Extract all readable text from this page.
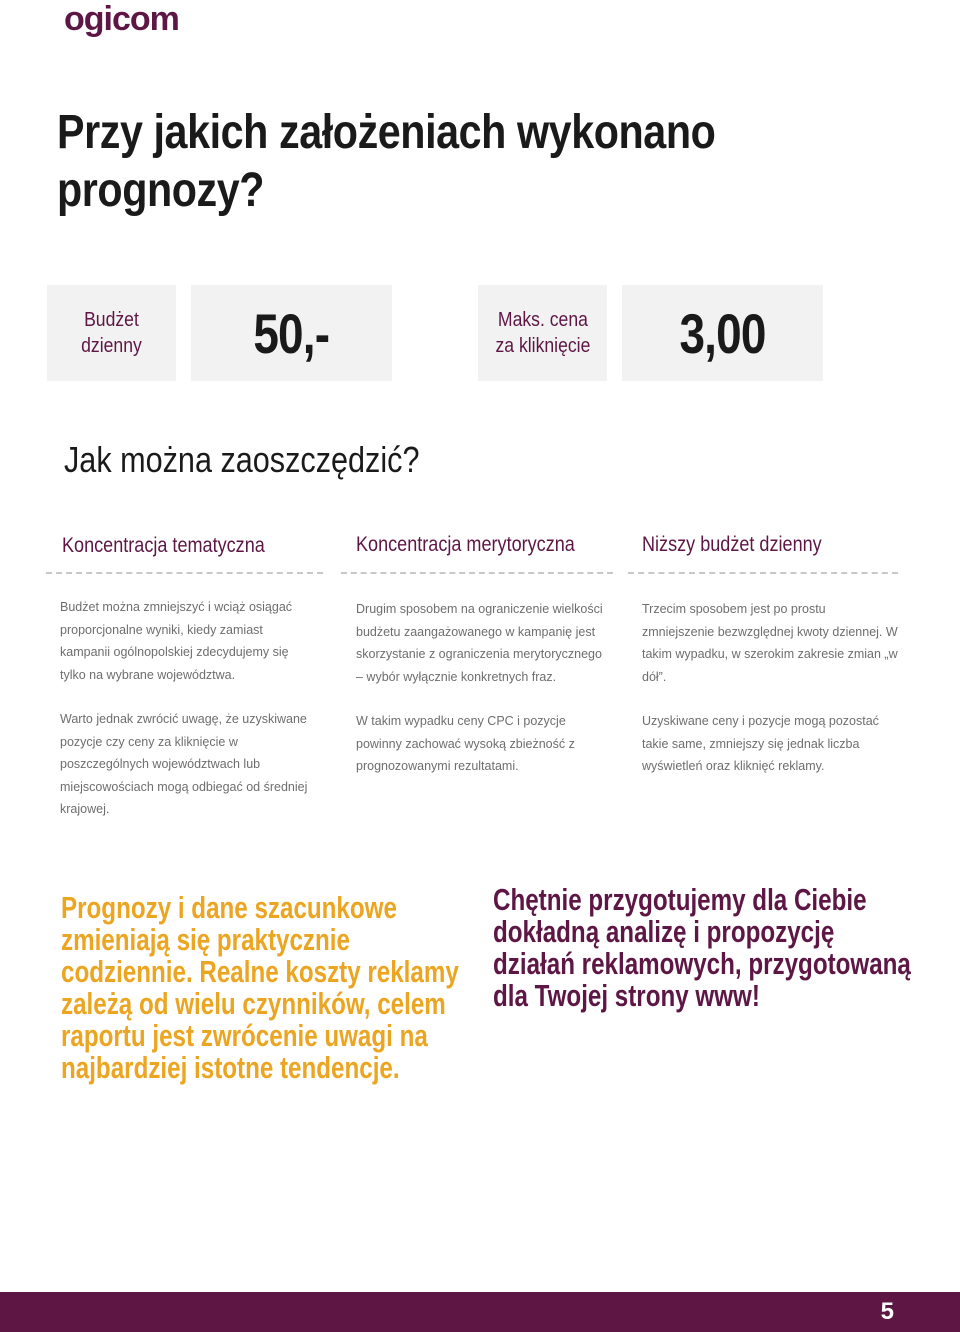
ogicom
Przy jakich założeniach wykonano
prognozy?
Budżet
dzienny 50,-	Maks. cena
za kliknięcie 3,00
Jak można zaoszczędzić?
Koncentracja tematyczna	Koncentracja merytoryczna	Niższy budżet dzienny
Budżet można zmniejszyć i wciąż osiągać proporcjonalne wyniki, kiedy zamiast kampanii ogólnopolskiej zdecydujemy się tylko na wybrane województwa.
Warto jednak zwrócić uwagę, że uzyskiwane pozycje czy ceny za kliknięcie w poszczególnych województwach lub miejscowościach mogą odbiegać od średniej krajowej.
Drugim sposobem na ograniczenie wielkości budżetu zaangażowanego w kampanię jest skorzystanie z ograniczenia merytorycznego – wybór wyłącznie konkretnych fraz.
W takim wypadku ceny CPC i pozycje powinny zachować wysoką zbieżność z prognozowanymi rezultatami.
Trzecim sposobem jest po prostu zmniejszenie bezwzględnej kwoty dziennej. W takim wypadku, w szerokim zakresie zmian „w dół”.
Uzyskiwane ceny i pozycje mogą pozostać takie same, zmniejszy się jednak liczba wyświetleń oraz kliknięć reklamy.
Prognozy i dane szacunkowe zmieniają się praktycznie codziennie. Realne koszty reklamy zależą od wielu czynników, celem raportu jest zwrócenie uwagi na najbardziej istotne tendencje.
Chętnie przygotujemy dla Ciebie dokładną analizę i propozycję działań reklamowych, przygotowaną dla Twojej strony www!
5
